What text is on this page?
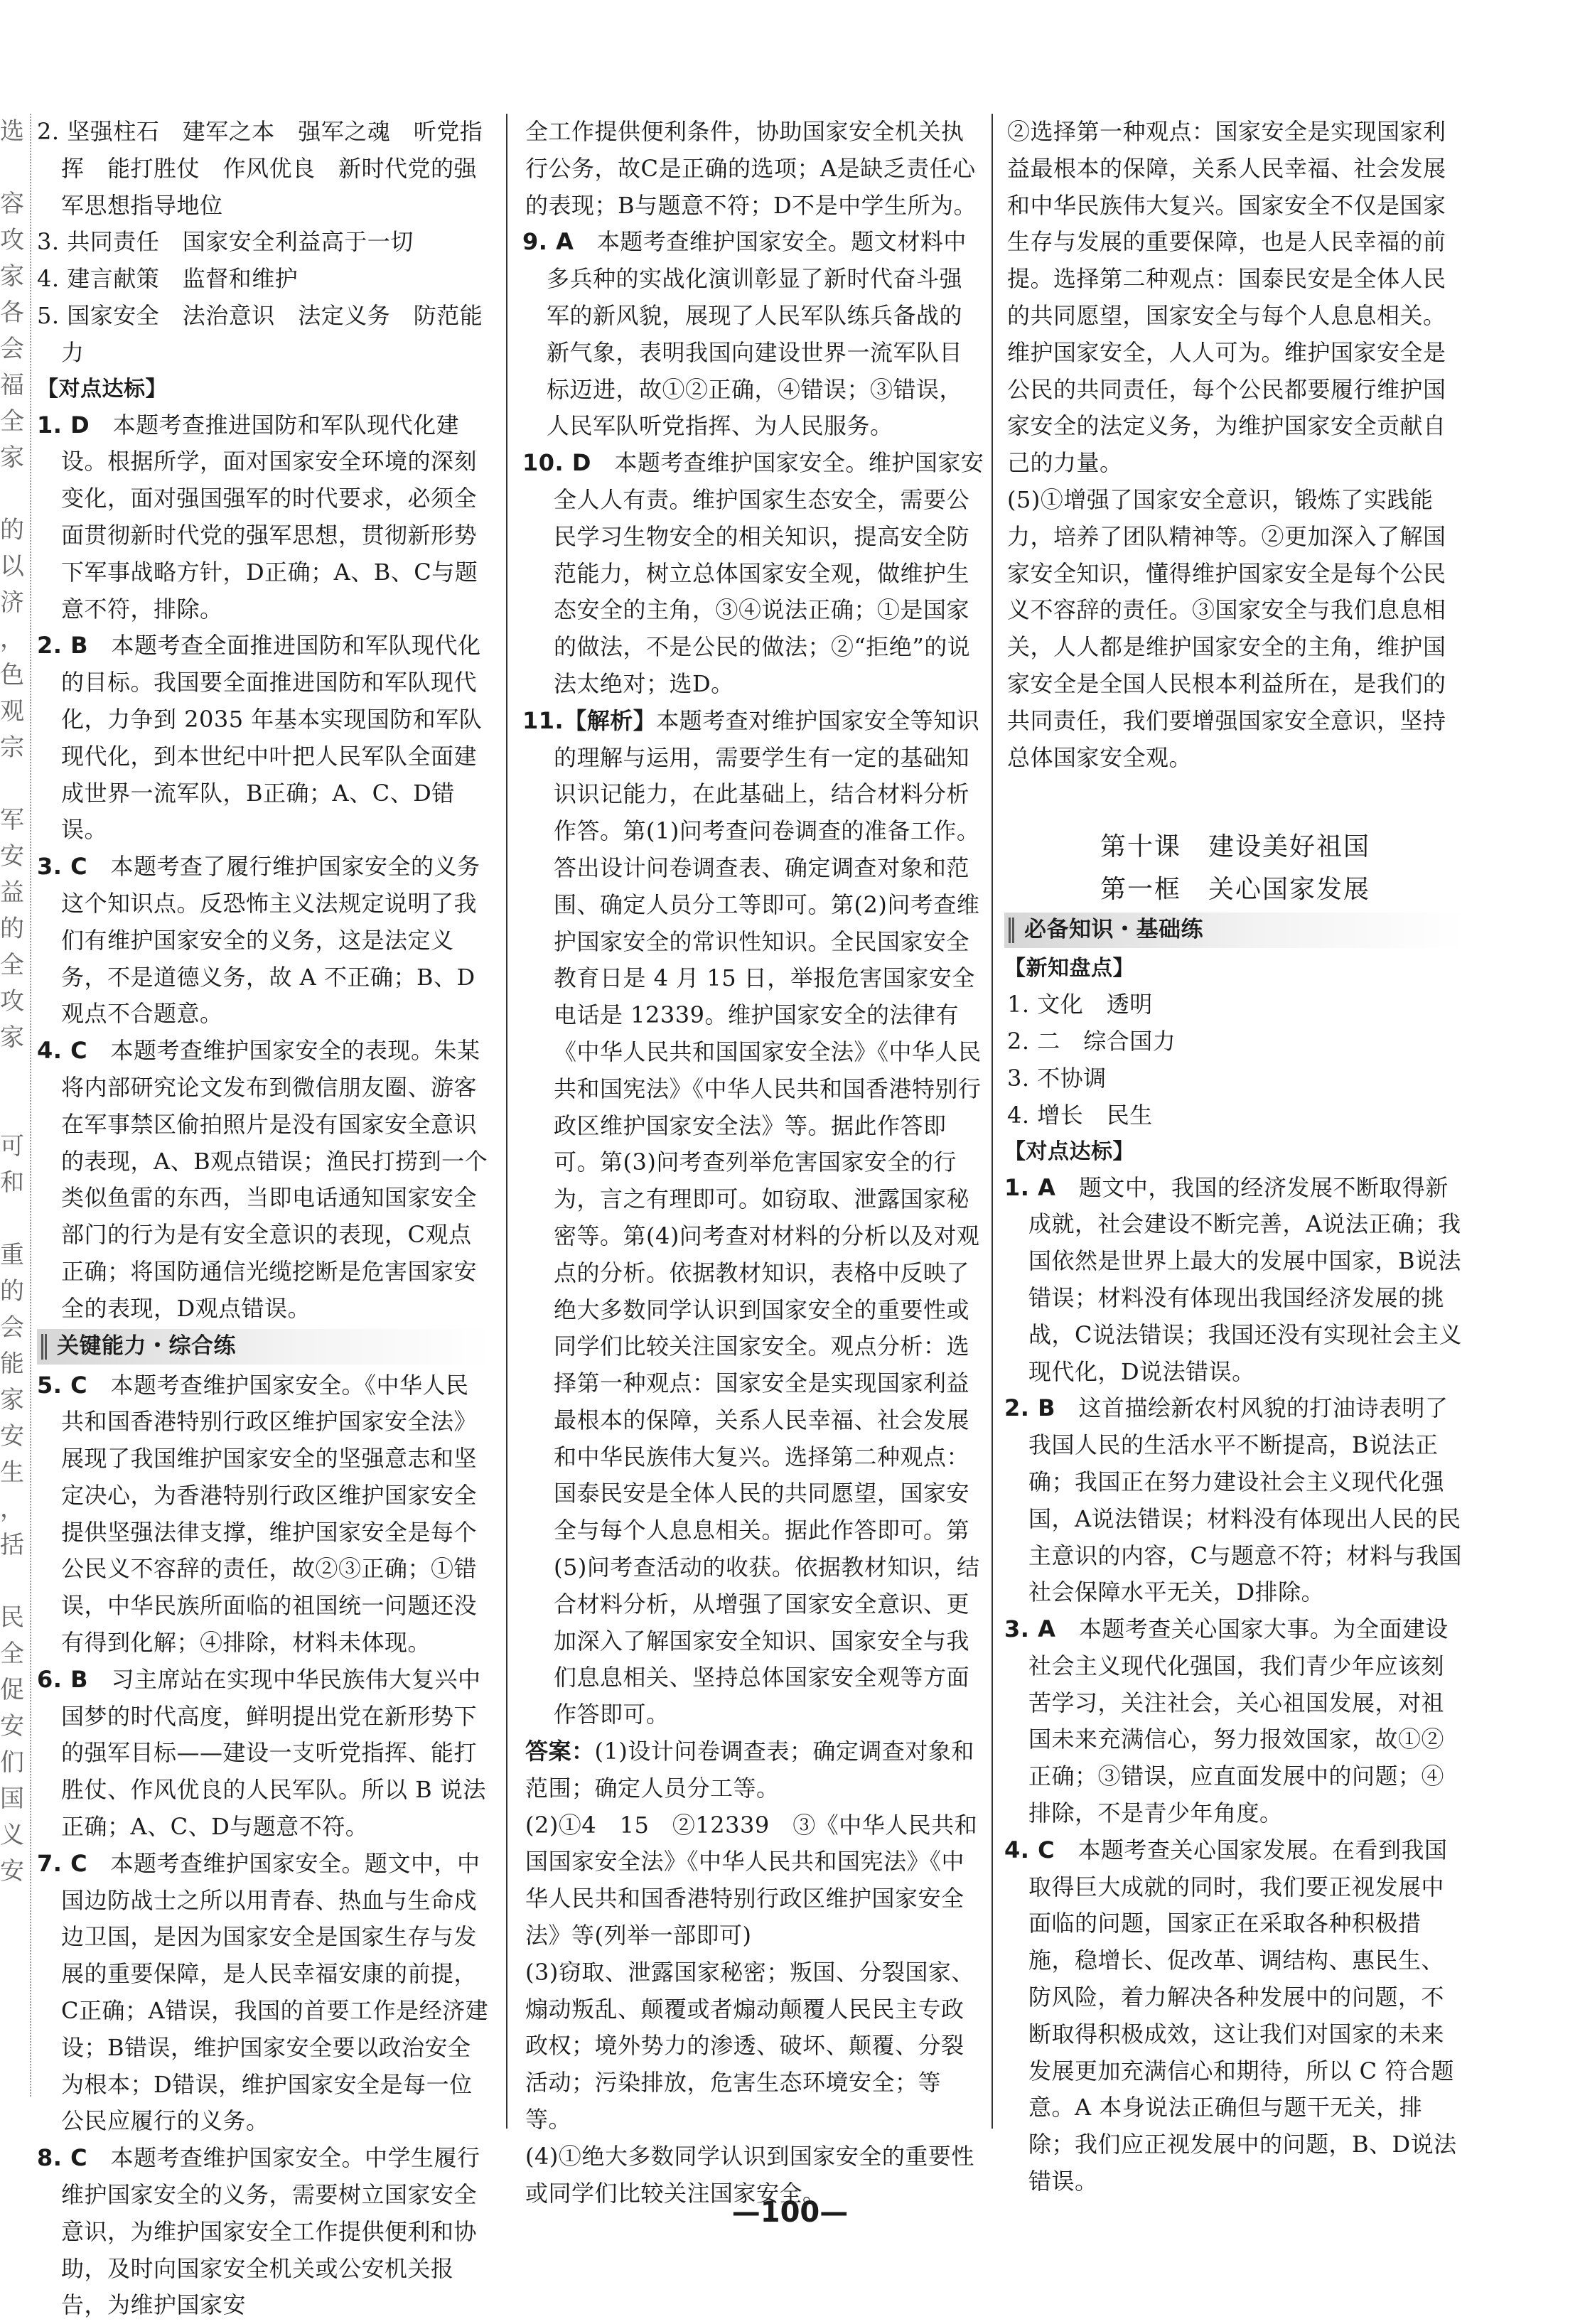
选

容
攻
家
各
会
福
全
家

的
以
济
，
色
观
宗

军
安
益
的
全
攻
家

可
和

重
的
会
能
家
安
生
，
括

民
全
促
安
们
国
义
安

2. 坚强柱石　建军之本　强军之魂　听党指挥　能打胜仗　作风优良　新时代党的强军思想指导地位

3. 共同责任　国家安全利益高于一切

4. 建言献策　监督和维护

5. 国家安全　法治意识　法定义务　防范能力

【对点达标】

1. D　本题考查推进国防和军队现代化建设。根据所学，面对国家安全环境的深刻变化，面对强国强军的时代要求，必须全面贯彻新时代党的强军思想，贯彻新形势下军事战略方针，D正确；A、B、C与题意不符，排除。

2. B　本题考查全面推进国防和军队现代化的目标。我国要全面推进国防和军队现代化，力争到 2035 年基本实现国防和军队现代化，到本世纪中叶把人民军队全面建成世界一流军队，B正确；A、C、D错误。

3. C　本题考查了履行维护国家安全的义务这个知识点。反恐怖主义法规定说明了我们有维护国家安全的义务，这是法定义务，不是道德义务，故 A 不正确；B、D观点不合题意。

4. C　本题考查维护国家安全的表现。朱某将内部研究论文发布到微信朋友圈、游客在军事禁区偷拍照片是没有国家安全意识的表现，A、B观点错误；渔民打捞到一个类似鱼雷的东西，当即电话通知国家安全部门的行为是有安全意识的表现，C观点正确；将国防通信光缆挖断是危害国家安全的表现，D观点错误。

关键能力・综合练

5. C　本题考查维护国家安全。《中华人民共和国香港特别行政区维护国家安全法》展现了我国维护国家安全的坚强意志和坚定决心，为香港特别行政区维护国家安全提供坚强法律支撑，维护国家安全是每个公民义不容辞的责任，故②③正确；①错误，中华民族所面临的祖国统一问题还没有得到化解；④排除，材料未体现。

6. B　习主席站在实现中华民族伟大复兴中国梦的时代高度，鲜明提出党在新形势下的强军目标——建设一支听党指挥、能打胜仗、作风优良的人民军队。所以 B 说法正确；A、C、D与题意不符。

7. C　本题考查维护国家安全。题文中，中国边防战士之所以用青春、热血与生命戍边卫国，是因为国家安全是国家生存与发展的重要保障，是人民幸福安康的前提，C正确；A错误，我国的首要工作是经济建设；B错误，维护国家安全要以政治安全为根本；D错误，维护国家安全是每一位公民应履行的义务。

8. C　本题考查维护国家安全。中学生履行维护国家安全的义务，需要树立国家安全意识，为维护国家安全工作提供便利和协助，及时向国家安全机关或公安机关报告，为维护国家安

全工作提供便利条件，协助国家安全机关执行公务，故C是正确的选项；A是缺乏责任心的表现；B与题意不符；D不是中学生所为。

9. A　本题考查维护国家安全。题文材料中多兵种的实战化演训彰显了新时代奋斗强军的新风貌，展现了人民军队练兵备战的新气象，表明我国向建设世界一流军队目标迈进，故①②正确，④错误；③错误，人民军队听党指挥、为人民服务。

10. D　本题考查维护国家安全。维护国家安全人人有责。维护国家生态安全，需要公民学习生物安全的相关知识，提高安全防范能力，树立总体国家安全观，做维护生态安全的主角，③④说法正确；①是国家的做法，不是公民的做法；②“拒绝”的说法太绝对；选D。

11.【解析】本题考查对维护国家安全等知识的理解与运用，需要学生有一定的基础知识识记能力，在此基础上，结合材料分析作答。第(1)问考查问卷调查的准备工作。答出设计问卷调查表、确定调查对象和范围、确定人员分工等即可。第(2)问考查维护国家安全的常识性知识。全民国家安全教育日是 4 月 15 日，举报危害国家安全电话是 12339。维护国家安全的法律有《中华人民共和国国家安全法》《中华人民共和国宪法》《中华人民共和国香港特别行政区维护国家安全法》等。据此作答即可。第(3)问考查列举危害国家安全的行为，言之有理即可。如窃取、泄露国家秘密等。第(4)问考查对材料的分析以及对观点的分析。依据教材知识，表格中反映了绝大多数同学认识到国家安全的重要性或同学们比较关注国家安全。观点分析：选择第一种观点：国家安全是实现国家利益最根本的保障，关系人民幸福、社会发展和中华民族伟大复兴。选择第二种观点：国泰民安是全体人民的共同愿望，国家安全与每个人息息相关。据此作答即可。第(5)问考查活动的收获。依据教材知识，结合材料分析，从增强了国家安全意识、更加深入了解国家安全知识、国家安全与我们息息相关、坚持总体国家安全观等方面作答即可。

答案：(1)设计问卷调查表；确定调查对象和范围；确定人员分工等。

(2)①4　15　②12339　③《中华人民共和国国家安全法》《中华人民共和国宪法》《中华人民共和国香港特别行政区维护国家安全法》等(列举一部即可)

(3)窃取、泄露国家秘密；叛国、分裂国家、煽动叛乱、颠覆或者煽动颠覆人民民主专政政权；境外势力的渗透、破坏、颠覆、分裂活动；污染排放，危害生态环境安全；等等。

(4)①绝大多数同学认识到国家安全的重要性或同学们比较关注国家安全。

②选择第一种观点：国家安全是实现国家利益最根本的保障，关系人民幸福、社会发展和中华民族伟大复兴。国家安全不仅是国家生存与发展的重要保障，也是人民幸福的前提。选择第二种观点：国泰民安是全体人民的共同愿望，国家安全与每个人息息相关。维护国家安全，人人可为。维护国家安全是公民的共同责任，每个公民都要履行维护国家安全的法定义务，为维护国家安全贡献自己的力量。

(5)①增强了国家安全意识，锻炼了实践能力，培养了团队精神等。②更加深入了解国家安全知识，懂得维护国家安全是每个公民义不容辞的责任。③国家安全与我们息息相关，人人都是维护国家安全的主角，维护国家安全是全国人民根本利益所在，是我们的共同责任，我们要增强国家安全意识，坚持总体国家安全观。

第十课　建设美好祖国

第一框　关心国家发展

必备知识・基础练

【新知盘点】

1. 文化　透明

2. 二　综合国力

3. 不协调

4. 增长　民生

【对点达标】

1. A　题文中，我国的经济发展不断取得新成就，社会建设不断完善，A说法正确；我国依然是世界上最大的发展中国家，B说法错误；材料没有体现出我国经济发展的挑战，C说法错误；我国还没有实现社会主义现代化，D说法错误。

2. B　这首描绘新农村风貌的打油诗表明了我国人民的生活水平不断提高，B说法正确；我国正在努力建设社会主义现代化强国，A说法错误；材料没有体现出人民的民主意识的内容，C与题意不符；材料与我国社会保障水平无关，D排除。

3. A　本题考查关心国家大事。为全面建设社会主义现代化强国，我们青少年应该刻苦学习，关注社会，关心祖国发展，对祖国未来充满信心，努力报效国家，故①②正确；③错误，应直面发展中的问题；④排除，不是青少年角度。

4. C　本题考查关心国家发展。在看到我国取得巨大成就的同时，我们要正视发展中面临的问题，国家正在采取各种积极措施，稳增长、促改革、调结构、惠民生、防风险，着力解决各种发展中的问题，不断取得积极成效，这让我们对国家的未来发展更加充满信心和期待，所以 C 符合题意。A 本身说法正确但与题干无关，排除；我们应正视发展中的问题，B、D说法错误。

—100—
